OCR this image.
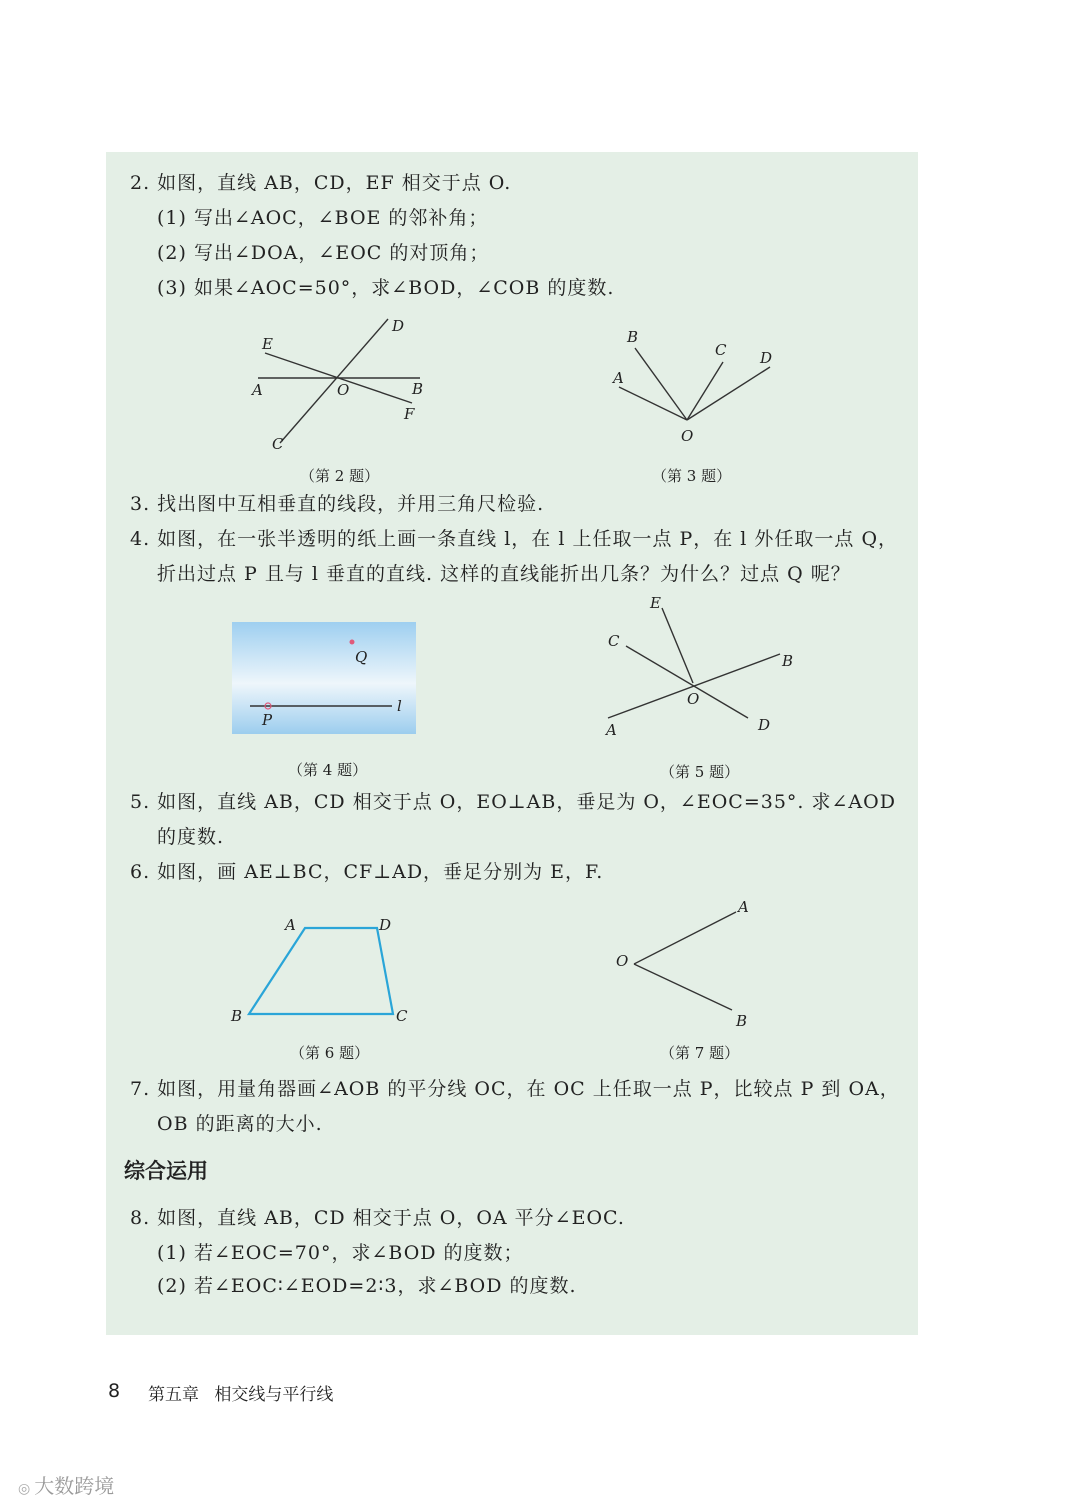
2. 如图，直线 AB，CD，EF 相交于点 O.
(1) 写出∠AOC，∠BOE 的邻补角；
(2) 写出∠DOA，∠EOC 的对顶角；
(3) 如果∠AOC=50°，求∠BOD，∠COB 的度数.
D
E
A	O	B
F
C
（第 2 题）
B
C D
A
O
（第 3 题）
3. 找出图中互相垂直的线段，并用三角尺检验.
4. 如图，在一张半透明的纸上画一条直线 l，在 l 上任取一点 P，在 l 外任取一点 Q，
折出过点 P 且与 l 垂直的直线. 这样的直线能折出几条？为什么？过点 Q 呢？
Q
P
l
（第 4 题）
E
C
B
O
A	D
（第 5 题）
5. 如图，直线 AB，CD 相交于点 O，EO⊥AB，垂足为 O，∠EOC=35°. 求∠AOD
的度数.
6. 如图，画 AE⊥BC，CF⊥AD，垂足分别为 E，F.
A	D
B	C
（第 6 题）
A
O
B
（第 7 题）
7. 如图，用量角器画∠AOB 的平分线 OC，在 OC 上任取一点 P，比较点 P 到 OA，
OB 的距离的大小.
综合运用
8. 如图，直线 AB，CD 相交于点 O，OA 平分∠EOC.
(1) 若∠EOC=70°，求∠BOD 的度数；
(2) 若∠EOC∶∠EOD=2∶3，求∠BOD 的度数.
8 第五章 相交线与平行线
◎ 大数跨境
